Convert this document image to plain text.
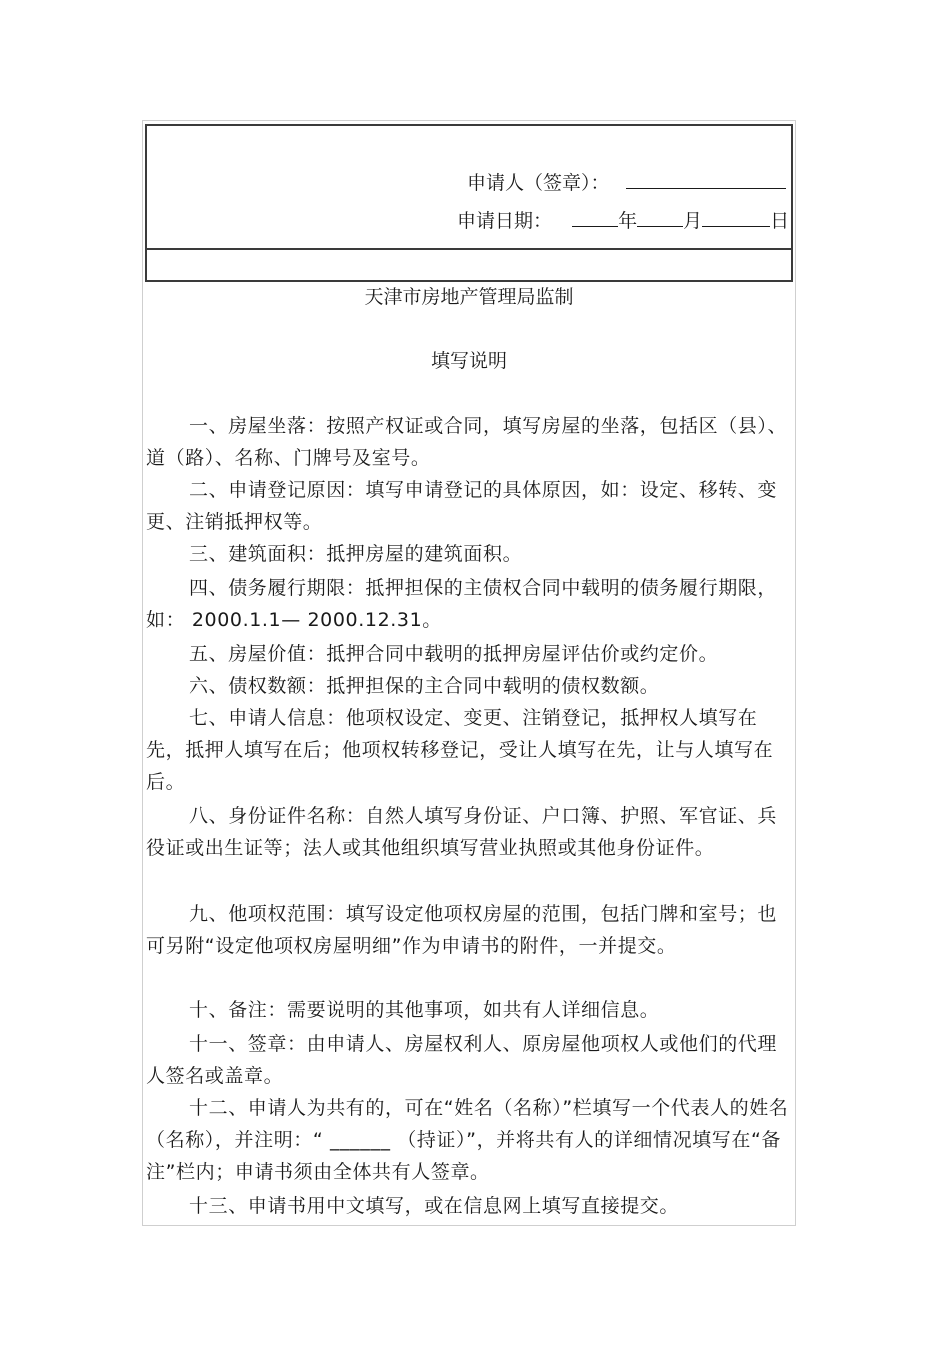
申请人（签章）：
申请日期：	年 月	日
天津市房地产管理局监制
填写说明
一、房屋坐落：按照产权证或合同，填写房屋的坐落，包括区（县）、道（路）、名称、门牌号及室号。
二、申请登记原因：填写申请登记的具体原因，如：设定、移转、变更、注销抵押权等。
三、建筑面积：抵押房屋的建筑面积。
四、债务履行期限：抵押担保的主债权合同中载明的债务履行期限，如： 2000.1.1— 2000.12.31。
五、房屋价值：抵押合同中载明的抵押房屋评估价或约定价。
六、债权数额：抵押担保的主合同中载明的债权数额。
七、申请人信息：他项权设定、变更、注销登记，抵押权人填写在先，抵押人填写在后；他项权转移登记，受让人填写在先，让与人填写在后。
八、身份证件名称：自然人填写身份证、户口簿、护照、军官证、兵役证或出生证等；法人或其他组织填写营业执照或其他身份证件。
九、他项权范围：填写设定他项权房屋的范围，包括门牌和室号；也可另附“设定他项权房屋明细”作为申请书的附件，一并提交。
十、备注：需要说明的其他事项，如共有人详细信息。
十一、签章：由申请人、房屋权利人、原房屋他项权人或他们的代理人签名或盖章。
十二、申请人为共有的，可在“姓名（名称）”栏填写一个代表人的姓名（名称），并注明：“ ______ （持证）”，并将共有人的详细情况填写在“备注”栏内；申请书须由全体共有人签章。
十三、申请书用中文填写，或在信息网上填写直接提交。
